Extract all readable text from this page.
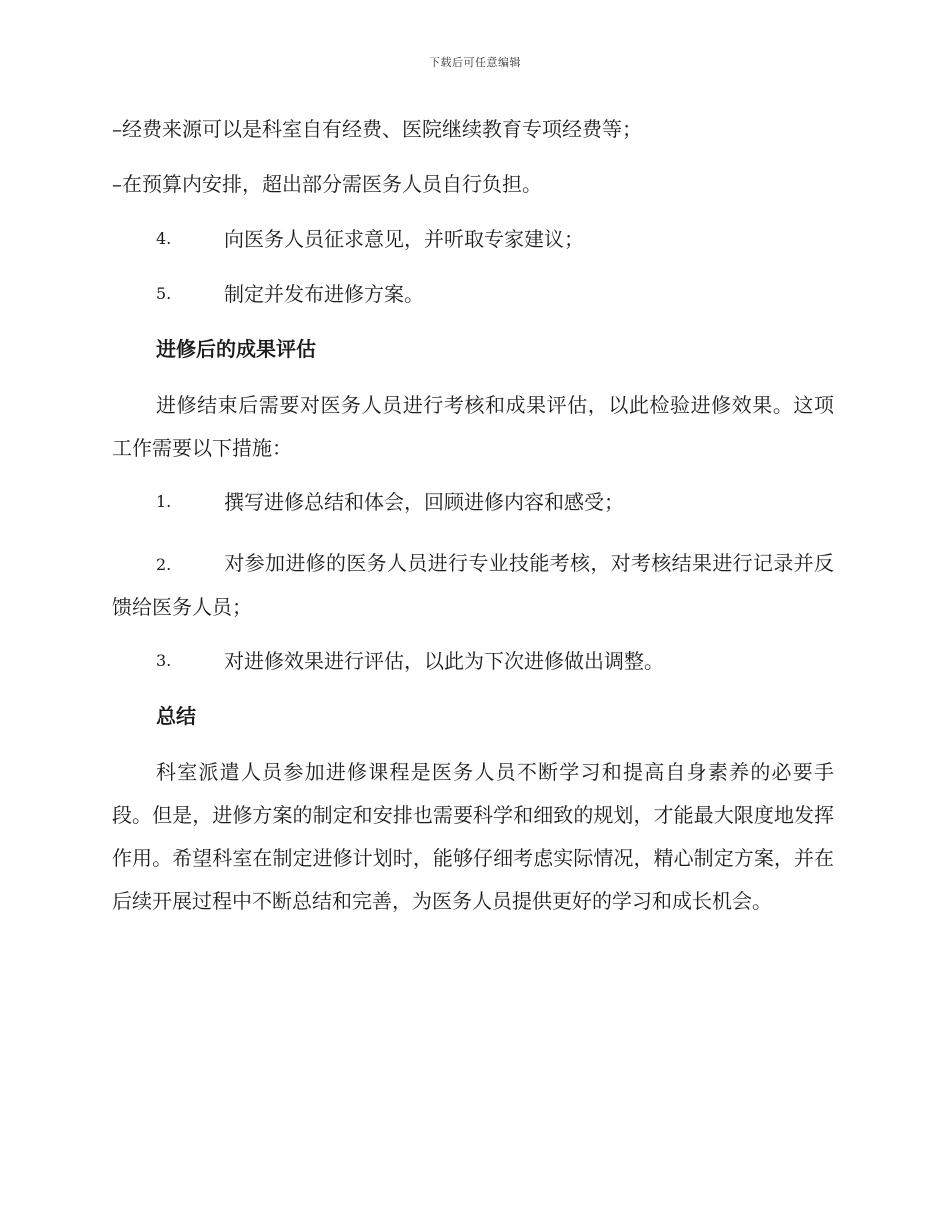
下载后可任意编辑

–经费来源可以是科室自有经费、医院继续教育专项经费等；

–在预算内安排，超出部分需医务人员自行负担。

4.	向医务人员征求意见，并听取专家建议；
5.	制定并发布进修方案。
进修后的成果评估

进修结束后需要对医务人员进行考核和成果评估，以此检验进修效果。这项工作需要以下措施：

1.	撰写进修总结和体会，回顾进修内容和感受；

2.	对参加进修的医务人员进行专业技能考核，对考核结果进行记录并反馈给医务人员；

3.	对进修效果进行评估，以此为下次进修做出调整。
总结

科室派遣人员参加进修课程是医务人员不断学习和提高自身素养的必要手段。但是，进修方案的制定和安排也需要科学和细致的规划，才能最大限度地发挥作用。希望科室在制定进修计划时，能够仔细考虑实际情况，精心制定方案，并在后续开展过程中不断总结和完善，为医务人员提供更好的学习和成长机会。
